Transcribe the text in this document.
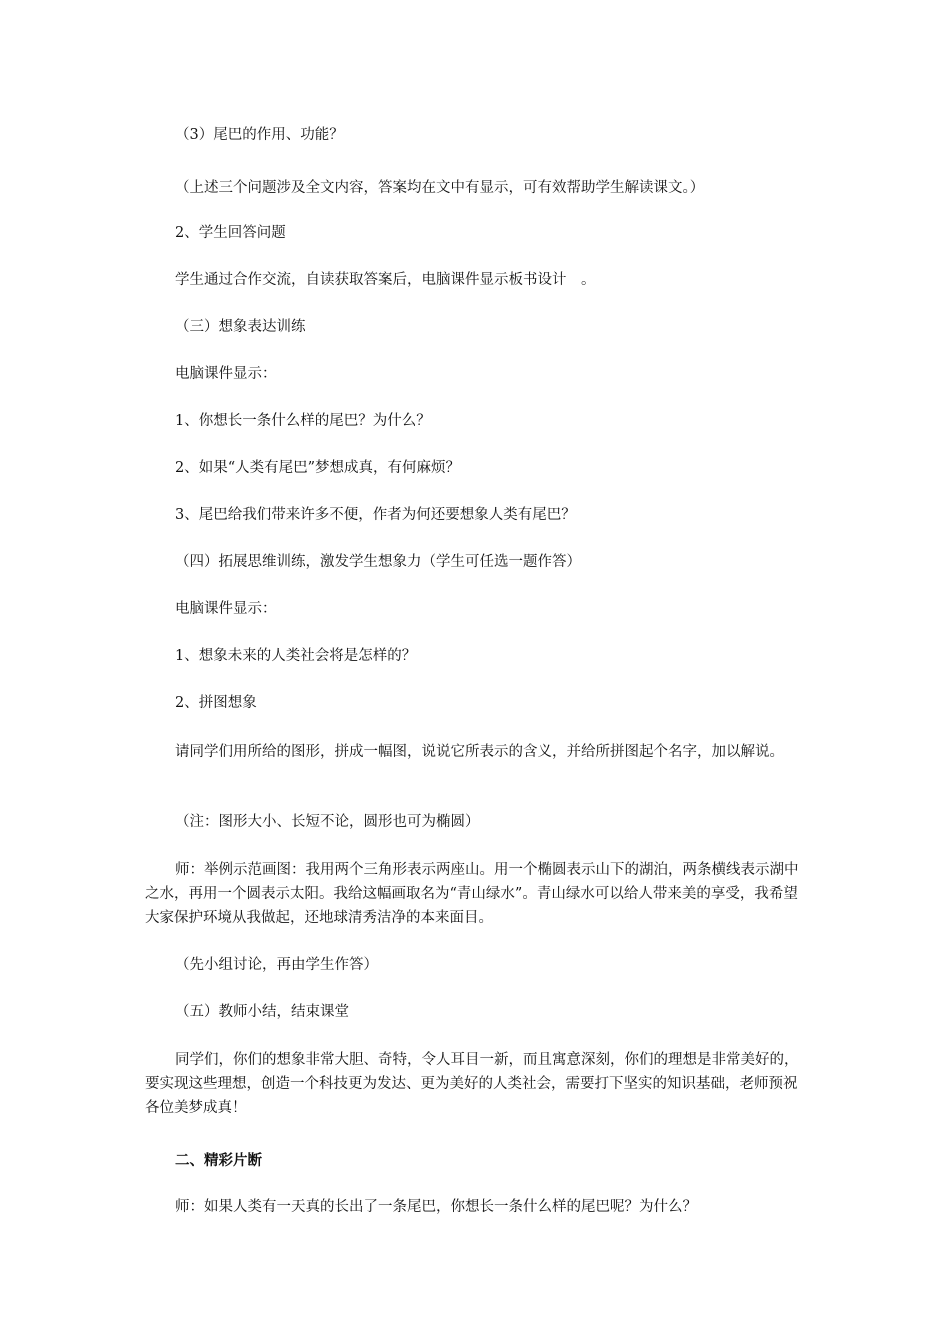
（3）尾巴的作用、功能？
（上述三个问题涉及全文内容，答案均在文中有显示，可有效帮助学生解读课文。）
2、学生回答问题
学生通过合作交流，自读获取答案后，电脑课件显示板书设计　。
（三）想象表达训练
电脑课件显示：
1、你想长一条什么样的尾巴？为什么？
2、如果“人类有尾巴”梦想成真，有何麻烦？
3、尾巴给我们带来许多不便，作者为何还要想象人类有尾巴？
（四）拓展思维训练，激发学生想象力（学生可任选一题作答）
电脑课件显示：
1、想象未来的人类社会将是怎样的？
2、拼图想象
请同学们用所给的图形，拼成一幅图，说说它所表示的含义，并给所拼图起个名字，加以解说。
（注：图形大小、长短不论，圆形也可为椭圆）
师：举例示范画图：我用两个三角形表示两座山。用一个椭圆表示山下的湖泊，两条横线表示湖中之水，再用一个圆表示太阳。我给这幅画取名为“青山绿水”。青山绿水可以给人带来美的享受，我希望大家保护环境从我做起，还地球清秀洁净的本来面目。
（先小组讨论，再由学生作答）
（五）教师小结，结束课堂
同学们，你们的想象非常大胆、奇特，令人耳目一新，而且寓意深刻，你们的理想是非常美好的，要实现这些理想，创造一个科技更为发达、更为美好的人类社会，需要打下坚实的知识基础，老师预祝各位美梦成真！
二、精彩片断
师：如果人类有一天真的长出了一条尾巴，你想长一条什么样的尾巴呢？为什么？
